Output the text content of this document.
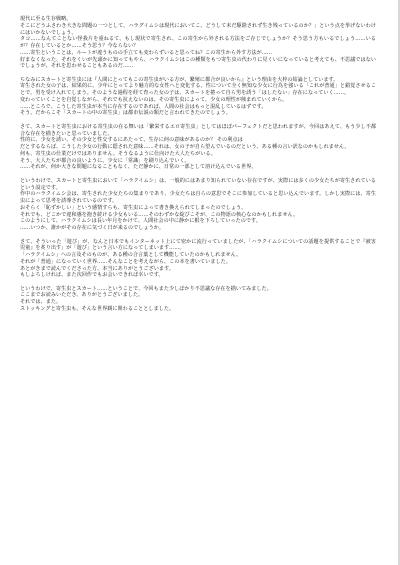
現代に至る生存戦略。
そこにどうふさわき大きな問題の一つとして、ハラグイムシは現代においてこ、どうして未だ駆除されず生き残っているのか？」という点を挙げないわけにはいかないでしょう。
タコ……なんてことない怪我片を重ねるて、もし現状で寄生され、この寄生から外される方法をご存じでしょうか？そう思う方もいるでしょう……いるが？存在しているとか……そう思う？今ならない？
……寄生ということは、ルートが違うものの手立ても変わらずいると思ってね？この寄生から外す方法が……
好まなくなった、それをくいが先頭かに知ってもやら、ハラクイムシはこの種類をもつ寄生虫の代わりに見くいになっていると考えても、不思議ではないでしょうが、それを思わせることもあるのだ……

ちなみにスカートと寄生虫には『人間にとってもこの寄生虫がいる方が、繁殖に都合が良いから』という理由を大枠の結論としています。
寄生された女の子は、結果的に、少年にとってより魅力的な女性へと変化する。性について全く無知な少女に行為を強いる「これが普通」と錯覚させることで、男を受け入れてしまう。そのような過程を経て育った女の子は、スカートを捲って自ら男を誘う「はしたない」存在になっていく……。
変わっていくことを自覚しながら、それでも抗えないのは、その寄生虫によって、少女の理性が蝕まれていくから。
……ところで、こうした寄生虫が本当に存在するのであれば、人間の社会はもっと混乱しているはずです。
そう、だからこそ「スカートの中の寄生虫」は都市伝説の類だと言われてきたのでしょう。

さて、スカートと寄生虫における寄生虫の在る舞いは「繁栄するエロ寄生虫」としてはほぼパーフェクトだと思われますが、今回はあえて、もう少し不都合な存在を描きたいと思っていました。
性的に、少女を誘い、その少女と性交するにあたって、生存に何の意味があるのか？ その利点は
だとするならば、こうした少女の行動に隠された意味……それは、女の子が自ら望んでいるのだという、ある種の言い訳なのかもしれません。
何も、寄生虫の仕業だけではありません。そうなるように仕向けた大人たちがいる。
そう、大人たちが都合の良いように、少女に「常識」を刷り込んでいく。
……それが、何か大きな問題になることもなく、ただ静かに、日常の一部として溶け込んでいる世界。

というわけで、スカートと寄生虫において「ハラクイムシ」は、一般的にはあまり知られていない存在ですが、実際には多くの少女たちが寄生されているという設定です。
作中のハラクイムシ会は、寄生された少女たちの集まりであり、少女たちは自らの意思でそこに参加していると思い込んでいます。しかし実際には、寄生虫によって思考を誘導されているのです。
おそらく「恥ずかしい」という感情すらも、寄生虫によって書き換えられてしまったのでしょう。
それでも、どこかで違和感を抱き続ける少女もいる……そのわずかな綻びこそが、この物語の核心なのかもしれません。
このようにして、ハラクイムシは長い年月をかけて、人間社会の中に静かに根を下ろしていったのです。
……いつか、誰かがその存在に気づく日が来るのでしょうか。

さて、そういった「遊び」が、なんと日本でもインターネット上にて密かに流行っていましたが、「ハラクイムシについての話題を提供することで『被害児童』を炙り出す」が「遊び」という言い方になってしまいます……。
「ハラクイムシ」への言及そのものが、ある種の合言葉として機能していたのかもしれません。
それが「普通」になっていく世界……そんなことを考えながら、この本を書いていました。
あとがきまで読んでくださった方、本当にありがとうございます。
もしよろしければ、また次回作でもお会いできれば幸いです。

というわけで、寄生虫とスカート……ということで、今回もまた少しばかり不思議な存在を描いてみました。
ここまでお読みいただき、ありがとうございました。
それでは、また。
ストッキングと寄生虫も、そんな世界観に関わることとしました。
